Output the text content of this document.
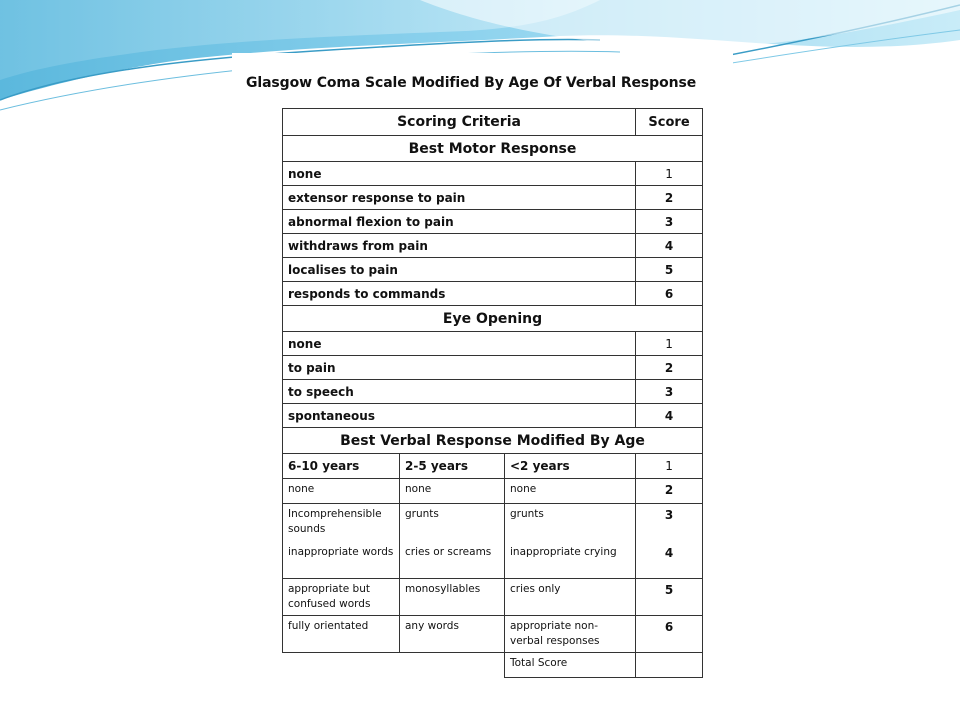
Glasgow Coma Scale Modified By Age Of Verbal Response
Scoring Criteria			Score
Best Motor Response			
none			1
extensor response to pain			2
abnormal flexion to pain			3
withdraws from pain			4
localises to pain			5
responds to commands			6
Eye Opening			
none			1
to pain			2
to speech			3
spontaneous			4
Best Verbal Response Modified By Age			
6-10 years	2-5 years	<2 years	1
none	none	none	2
Incomprehensible sounds	grunts	grunts	3
inappropriate words	cries or screams	inappropriate crying	4
appropriate but confused words	monosyllables	cries only	5
fully orientated	any words	appropriate non-verbal responses	6
		Total Score	
